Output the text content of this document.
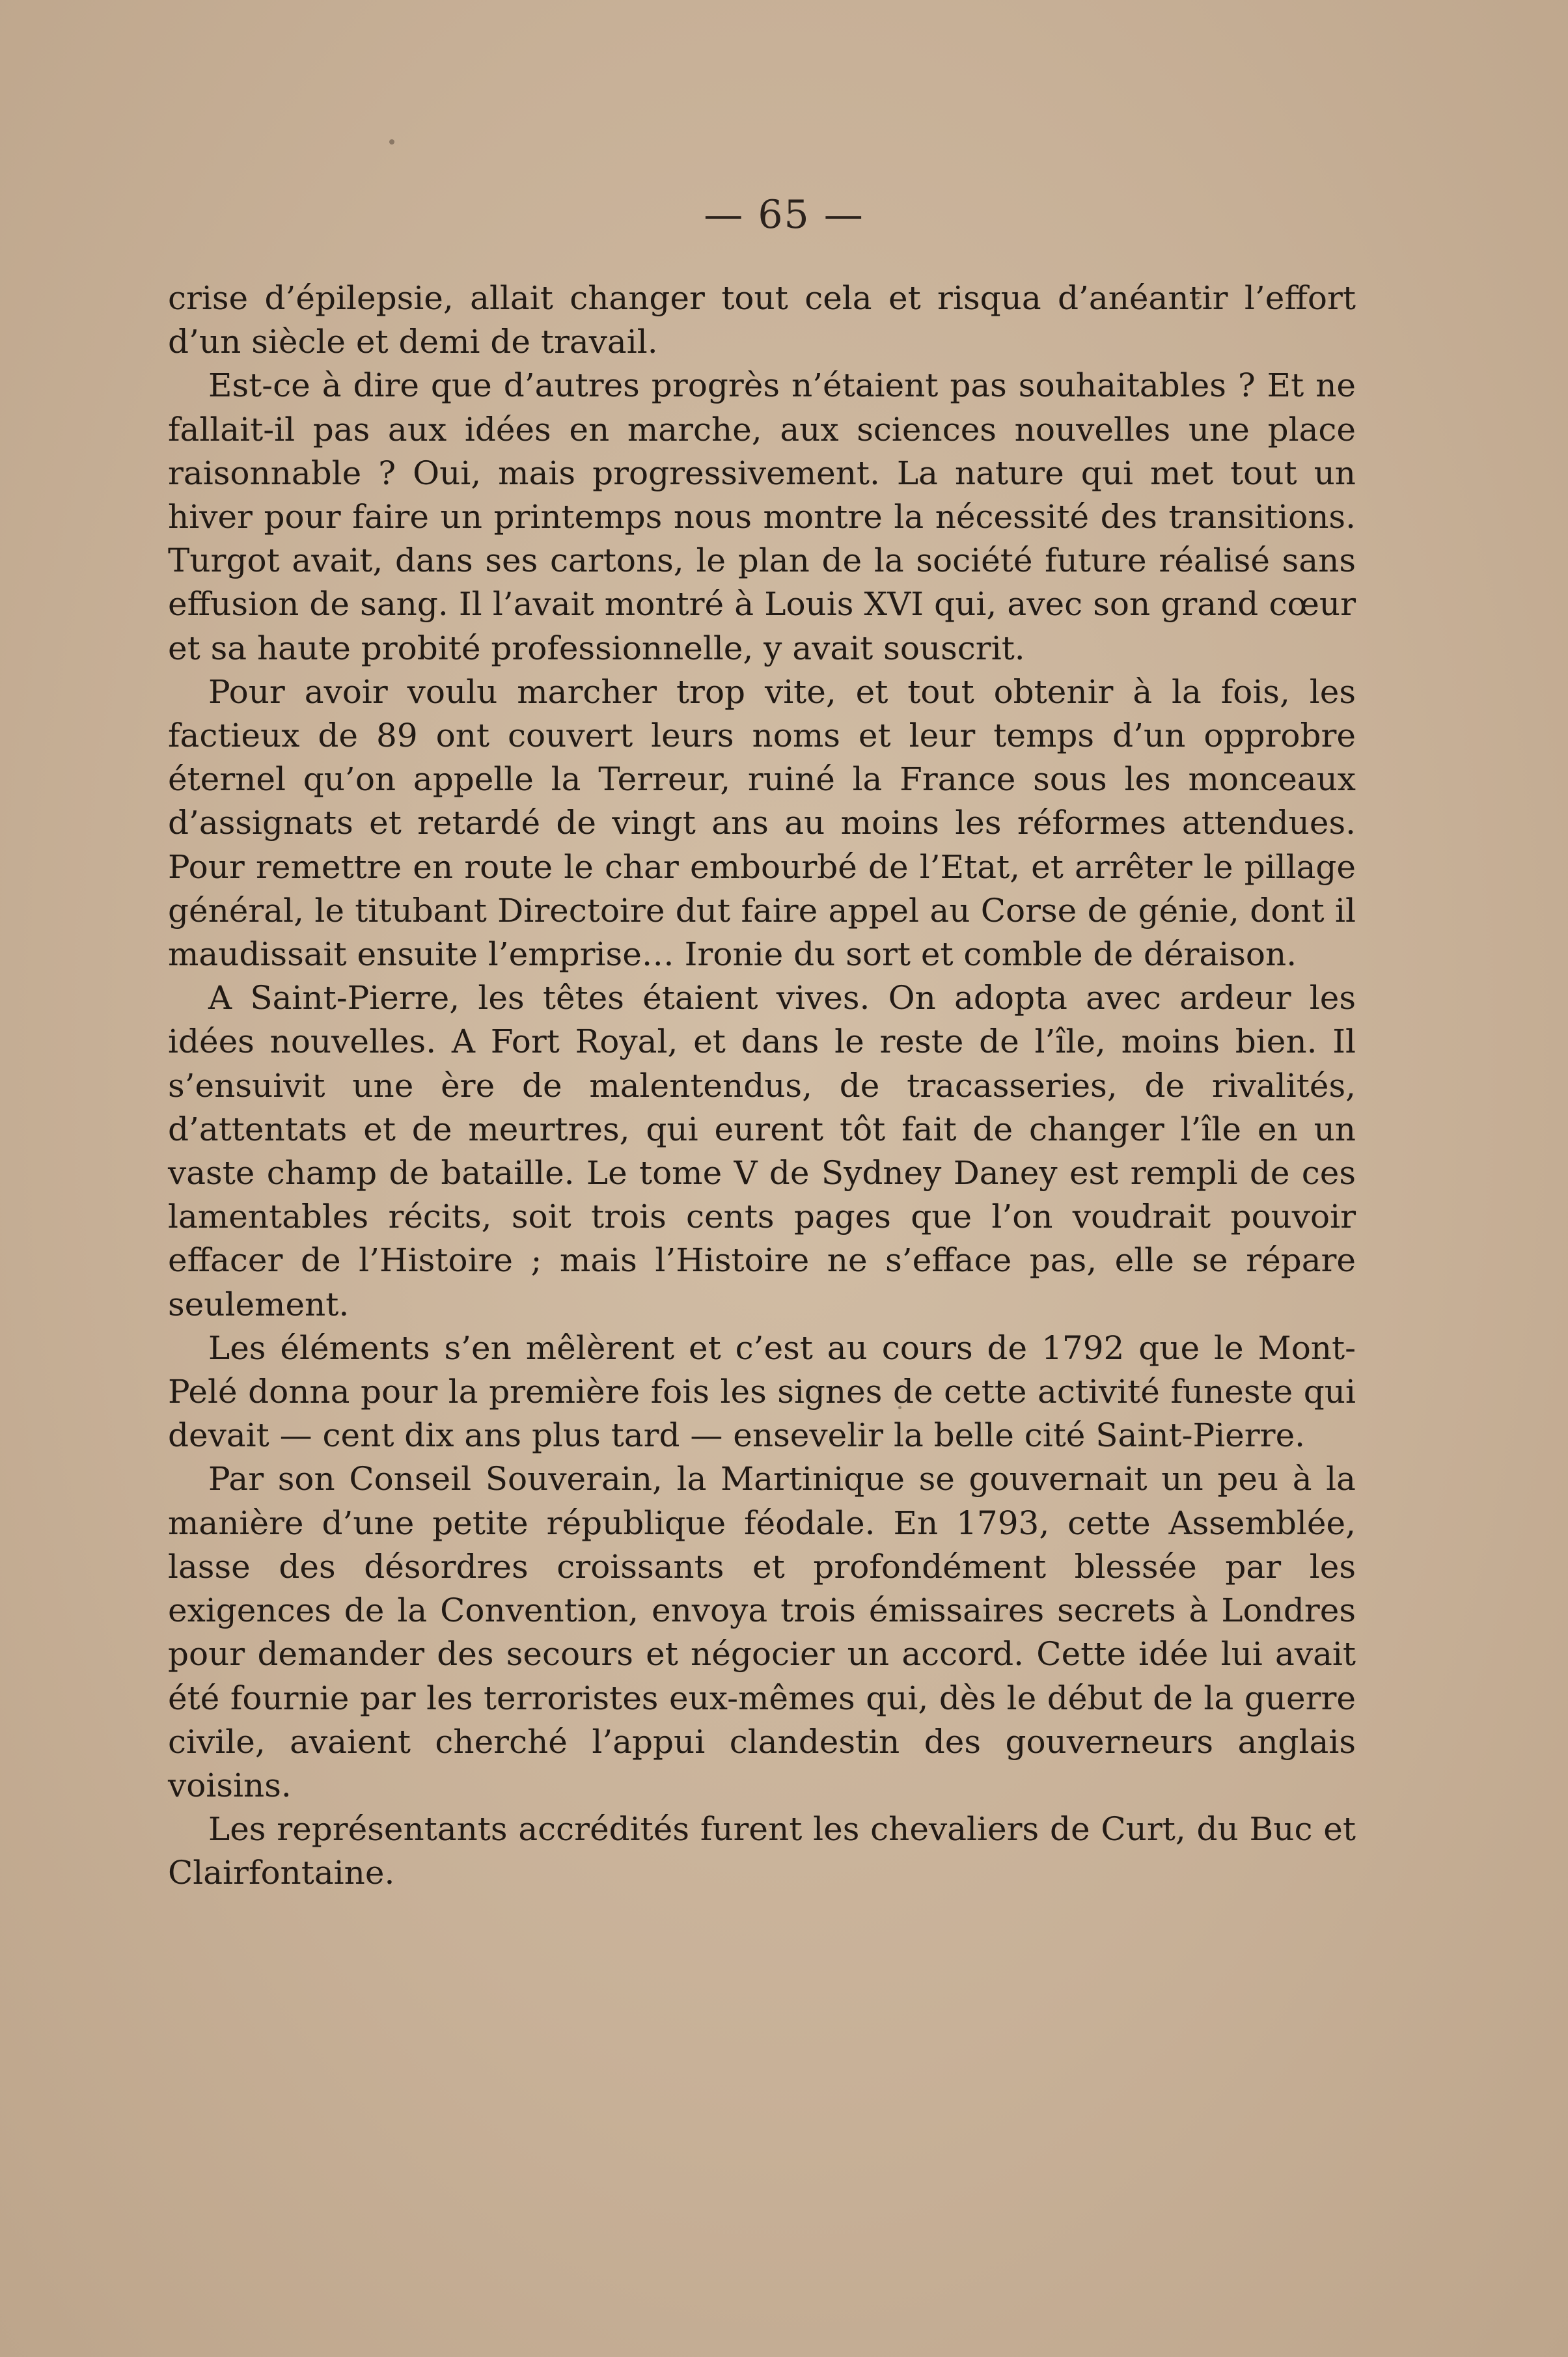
— 65 —

crise d’épilepsie, allait changer tout cela et risqua d’anéantir l’effort d’un siècle et demi de travail.

Est-ce à dire que d’autres progrès n’étaient pas souhaitables ? Et ne fallait-il pas aux idées en marche, aux sciences nouvelles une place raisonnable ? Oui, mais progressivement. La nature qui met tout un hiver pour faire un printemps nous montre la nécessité des transitions. Turgot avait, dans ses cartons, le plan de la société future réalisé sans effusion de sang. Il l’avait montré à Louis XVI qui, avec son grand cœur et sa haute probité professionnelle, y avait souscrit.

Pour avoir voulu marcher trop vite, et tout obtenir à la fois, les factieux de 89 ont couvert leurs noms et leur temps d’un opprobre éternel qu’on appelle la Terreur, ruiné la France sous les monceaux d’assignats et retardé de vingt ans au moins les réformes attendues. Pour remettre en route le char embourbé de l’Etat, et arrêter le pillage général, le titubant Directoire dut faire appel au Corse de génie, dont il maudissait ensuite l’emprise… Ironie du sort et comble de déraison.

A Saint-Pierre, les têtes étaient vives. On adopta avec ardeur les idées nouvelles. A Fort Royal, et dans le reste de l’île, moins bien. Il s’ensuivit une ère de malentendus, de tracasseries, de rivalités, d’attentats et de meurtres, qui eurent tôt fait de changer l’île en un vaste champ de bataille. Le tome V de Sydney Daney est rempli de ces lamentables récits, soit trois cents pages que l’on voudrait pouvoir effacer de l’Histoire ; mais l’Histoire ne s’efface pas, elle se répare seulement.

Les éléments s’en mêlèrent et c’est au cours de 1792 que le Mont-Pelé donna pour la première fois les signes de cette activité funeste qui devait — cent dix ans plus tard — ensevelir la belle cité Saint-Pierre.

Par son Conseil Souverain, la Martinique se gouvernait un peu à la manière d’une petite république féodale. En 1793, cette Assemblée, lasse des désordres croissants et profondément blessée par les exigences de la Convention, envoya trois émissaires secrets à Londres pour demander des secours et négocier un accord. Cette idée lui avait été fournie par les terroristes eux-mêmes qui, dès le début de la guerre civile, avaient cherché l’appui clandestin des gouverneurs anglais voisins.

Les représentants accrédités furent les chevaliers de Curt, du Buc et Clairfontaine.
